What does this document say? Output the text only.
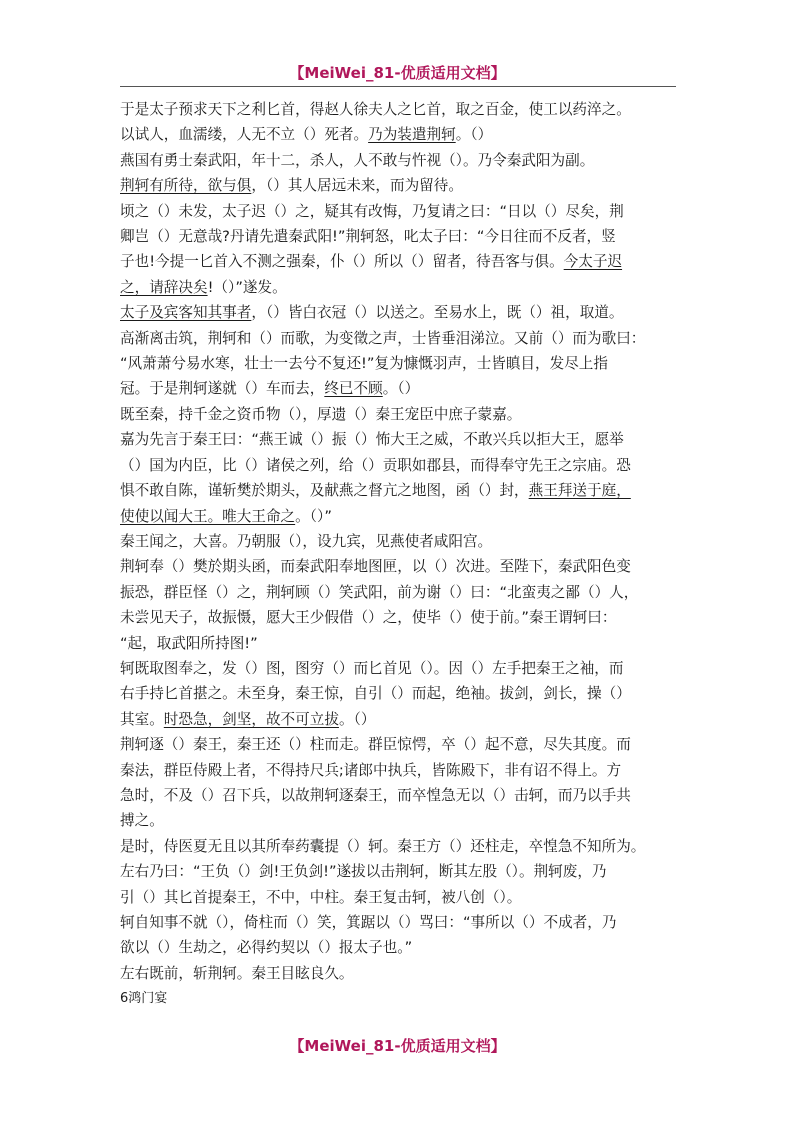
【MeiWei_81-优质适用文档】
于是太子预求天下之利匕首，得赵人徐夫人之匕首，取之百金，使工以药淬之。
以试人，血濡缕，人无不立（）死者。乃为装遣荆轲。（）
燕国有勇士秦武阳，年十二，杀人，人不敢与忤视（）。乃令秦武阳为副。
荆轲有所待，欲与俱，（）其人居远未来，而为留待。
顷之（）未发，太子迟（）之，疑其有改悔，乃复请之曰：“日以（）尽矣，荆
卿岂（）无意哉?丹请先遣秦武阳!”荆轲怒，叱太子曰：“今日往而不反者，竖
子也!今提一匕首入不测之强秦，仆（）所以（）留者，待吾客与俱。今太子迟
之，请辞决矣!（）”遂发。
太子及宾客知其事者，（）皆白衣冠（）以送之。至易水上，既（）祖，取道。
高渐离击筑，荆轲和（）而歌，为变徵之声，士皆垂泪涕泣。又前（）而为歌曰：
“风萧萧兮易水寒，壮士一去兮不复还!”复为慷慨羽声，士皆瞋目，发尽上指
冠。于是荆轲遂就（）车而去，终已不顾。（）
既至秦，持千金之资币物（），厚遗（）秦王宠臣中庶子蒙嘉。
嘉为先言于秦王曰：“燕王诚（）振（）怖大王之威，不敢兴兵以拒大王，愿举
（）国为内臣，比（）诸侯之列，给（）贡职如郡县，而得奉守先王之宗庙。恐
惧不敢自陈，谨斩樊於期头，及献燕之督亢之地图，函（）封，燕王拜送于庭，
使使以闻大王。唯大王命之。（）”
秦王闻之，大喜。乃朝服（），设九宾，见燕使者咸阳宫。
荆轲奉（）樊於期头函，而秦武阳奉地图匣，以（）次进。至陛下，秦武阳色变
振恐，群臣怪（）之，荆轲顾（）笑武阳，前为谢（）曰：“北蛮夷之鄙（）人，
未尝见天子，故振慑，愿大王少假借（）之，使毕（）使于前。”秦王谓轲曰：
“起，取武阳所持图!”
轲既取图奉之，发（）图，图穷（）而匕首见（）。因（）左手把秦王之袖，而
右手持匕首揕之。未至身，秦王惊，自引（）而起，绝袖。拔剑，剑长，操（）
其室。时恐急，剑坚，故不可立拔。（）
荆轲逐（）秦王，秦王还（）柱而走。群臣惊愕，卒（）起不意，尽失其度。而
秦法，群臣侍殿上者，不得持尺兵;诸郎中执兵，皆陈殿下，非有诏不得上。方
急时，不及（）召下兵，以故荆轲逐秦王，而卒惶急无以（）击轲，而乃以手共
搏之。
是时，侍医夏无且以其所奉药囊提（）轲。秦王方（）还柱走，卒惶急不知所为。
左右乃曰：“王负（）剑!王负剑!”遂拔以击荆轲，断其左股（）。荆轲废，乃
引（）其匕首提秦王，不中，中柱。秦王复击轲，被八创（）。
轲自知事不就（），倚柱而（）笑，箕踞以（）骂曰：“事所以（）不成者，乃
欲以（）生劫之，必得约契以（）报太子也。”
左右既前，斩荆轲。秦王目眩良久。
6鸿门宴
【MeiWei_81-优质适用文档】
